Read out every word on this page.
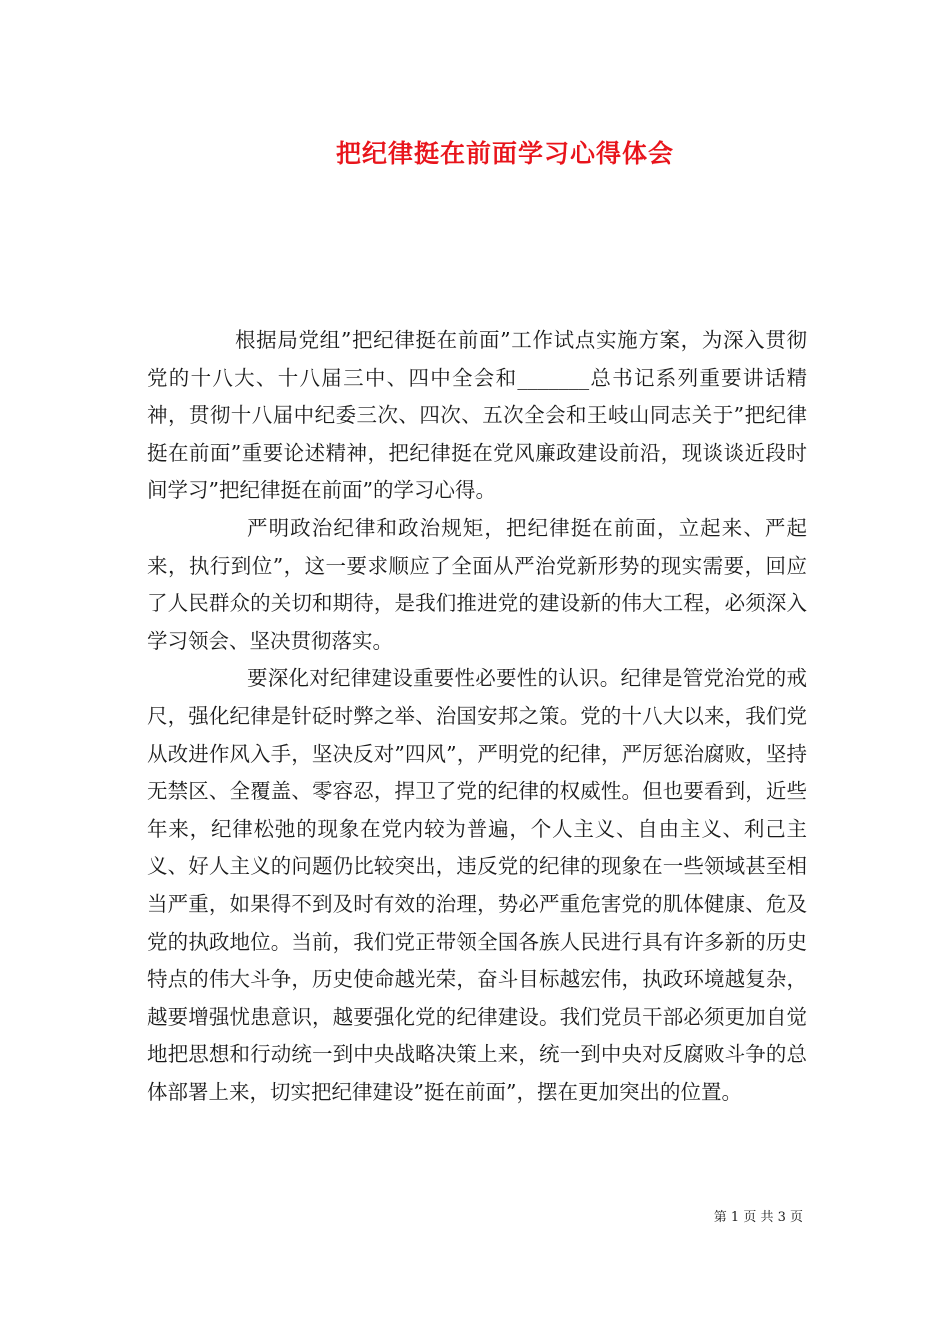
把纪律挺在前面学习心得体会

根据局党组”把纪律挺在前面”工作试点实施方案，为深入贯彻党的十八大、十八届三中、四中全会和_______总书记系列重要讲话精神，贯彻十八届中纪委三次、四次、五次全会和王岐山同志关于”把纪律挺在前面”重要论述精神，把纪律挺在党风廉政建设前沿，现谈谈近段时间学习”把纪律挺在前面”的学习心得。

严明政治纪律和政治规矩，把纪律挺在前面，立起来、严起来，执行到位”，这一要求顺应了全面从严治党新形势的现实需要，回应了人民群众的关切和期待，是我们推进党的建设新的伟大工程，必须深入学习领会、坚决贯彻落实。

要深化对纪律建设重要性必要性的认识。纪律是管党治党的戒尺，强化纪律是针砭时弊之举、治国安邦之策。党的十八大以来，我们党从改进作风入手，坚决反对”四风”，严明党的纪律，严厉惩治腐败，坚持无禁区、全覆盖、零容忍，捍卫了党的纪律的权威性。但也要看到，近些年来，纪律松弛的现象在党内较为普遍，个人主义、自由主义、利己主义、好人主义的问题仍比较突出，违反党的纪律的现象在一些领域甚至相当严重，如果得不到及时有效的治理，势必严重危害党的肌体健康、危及党的执政地位。当前，我们党正带领全国各族人民进行具有许多新的历史特点的伟大斗争，历史使命越光荣，奋斗目标越宏伟，执政环境越复杂，越要增强忧患意识，越要强化党的纪律建设。我们党员干部必须更加自觉地把思想和行动统一到中央战略决策上来，统一到中央对反腐败斗争的总体部署上来，切实把纪律建设”挺在前面”，摆在更加突出的位置。

第 1 页 共 3 页
